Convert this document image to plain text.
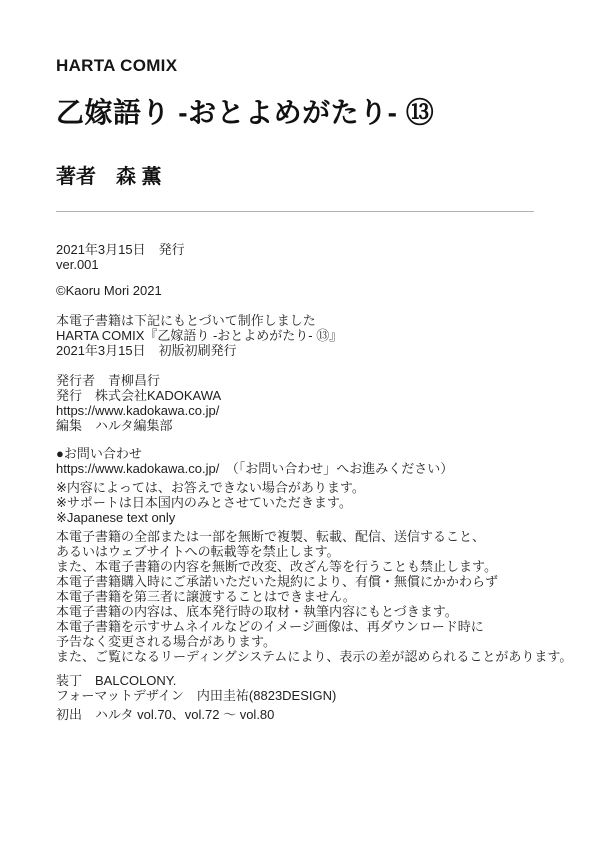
HARTA COMIX
乙嫁語り -おとよめがたり- ⑬
著者　森 薫
2021年3月15日　発行
ver.001
©Kaoru Mori 2021
本電子書籍は下記にもとづいて制作しました
HARTA COMIX『乙嫁語り -おとよめがたり- ⑬』
2021年3月15日　初版初刷発行
発行者　青柳昌行
発行　株式会社KADOKAWA
https://www.kadokawa.co.jp/
編集　ハルタ編集部
●お問い合わせ
https://www.kadokawa.co.jp/　（「お問い合わせ」へお進みください）
※内容によっては、お答えできない場合があります。
※サポートは日本国内のみとさせていただきます。
※Japanese text only
本電子書籍の全部または一部を無断で複製、転載、配信、送信すること、
あるいはウェブサイトへの転載等を禁止します。
また、本電子書籍の内容を無断で改変、改ざん等を行うことも禁止します。
本電子書籍購入時にご承諾いただいた規約により、有償・無償にかかわらず
本電子書籍を第三者に譲渡することはできません。
本電子書籍の内容は、底本発行時の取材・執筆内容にもとづきます。
本電子書籍を示すサムネイルなどのイメージ画像は、再ダウンロード時に
予告なく変更される場合があります。
また、ご覧になるリーディングシステムにより、表示の差が認められることがあります。
装丁　BALCOLONY.
フォーマットデザイン　内田圭祐(8823DESIGN)
初出　ハルタ vol.70、vol.72 ～ vol.80
